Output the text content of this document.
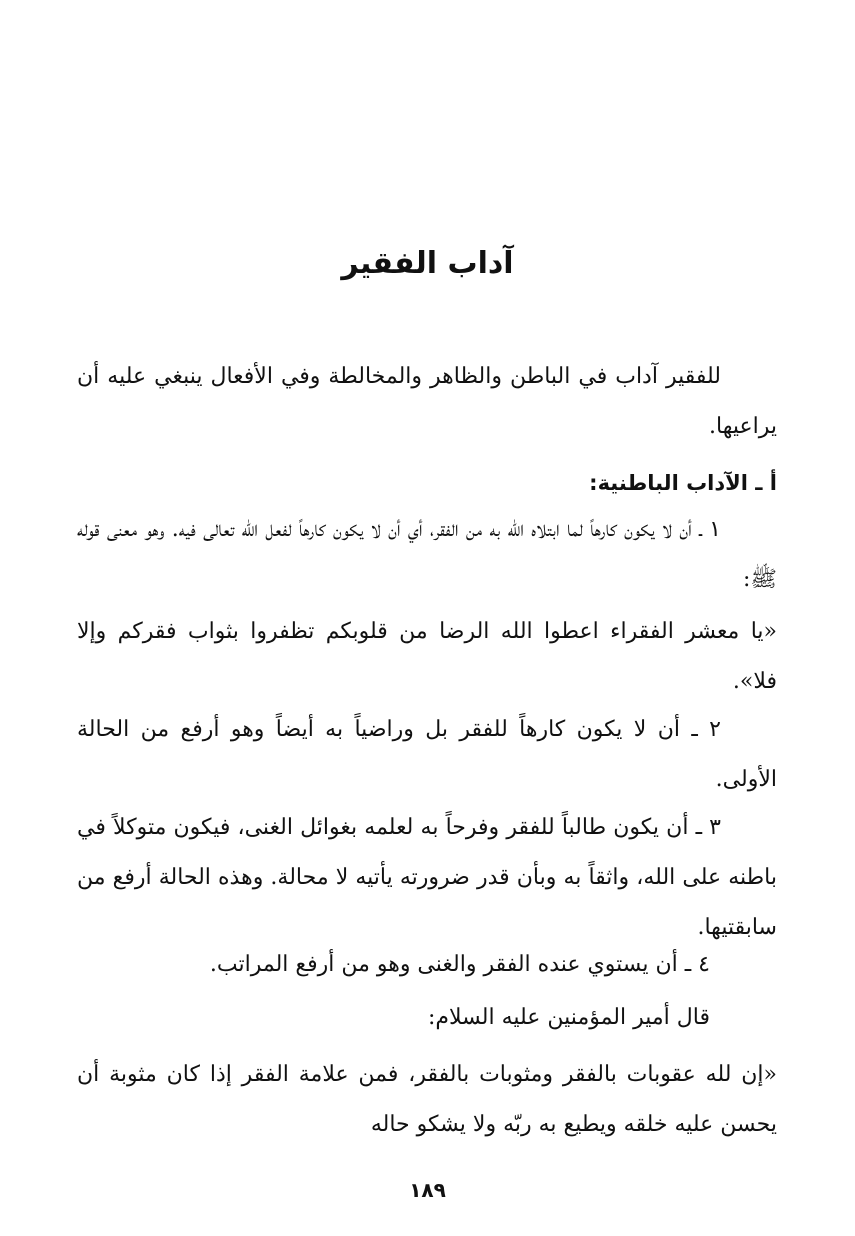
آداب الفقير

للفقير آداب في الباطن والظاهر والمخالطة وفي الأفعال ينبغي عليه أن يراعيها.

أ ـ الآداب الباطنية:

١ ـ أن لا يكون كارهاً لما ابتلاه الله به من الفقر، أي أن لا يكون كارهاً لفعل الله تعالى فيه. وهو معنى قوله ﷺ:

«يا معشر الفقراء اعطوا الله الرضا من قلوبكم تظفروا بثواب فقركم وإلا فلا».

٢ ـ أن لا يكون كارهاً للفقر بل وراضياً به أيضاً وهو أرفع من الحالة الأولى.

٣ ـ أن يكون طالباً للفقر وفرحاً به لعلمه بغوائل الغنى، فيكون متوكلاً في باطنه على الله، واثقاً به وبأن قدر ضرورته يأتيه لا محالة. وهذه الحالة أرفع من سابقتيها.

٤ ـ أن يستوي عنده الفقر والغنى وهو من أرفع المراتب.

قال أمير المؤمنين عليه السلام:

«إن لله عقوبات بالفقر ومثوبات بالفقر، فمن علامة الفقر إذا كان مثوبة أن يحسن عليه خلقه ويطيع به ربّه ولا يشكو حاله

١٨٩
